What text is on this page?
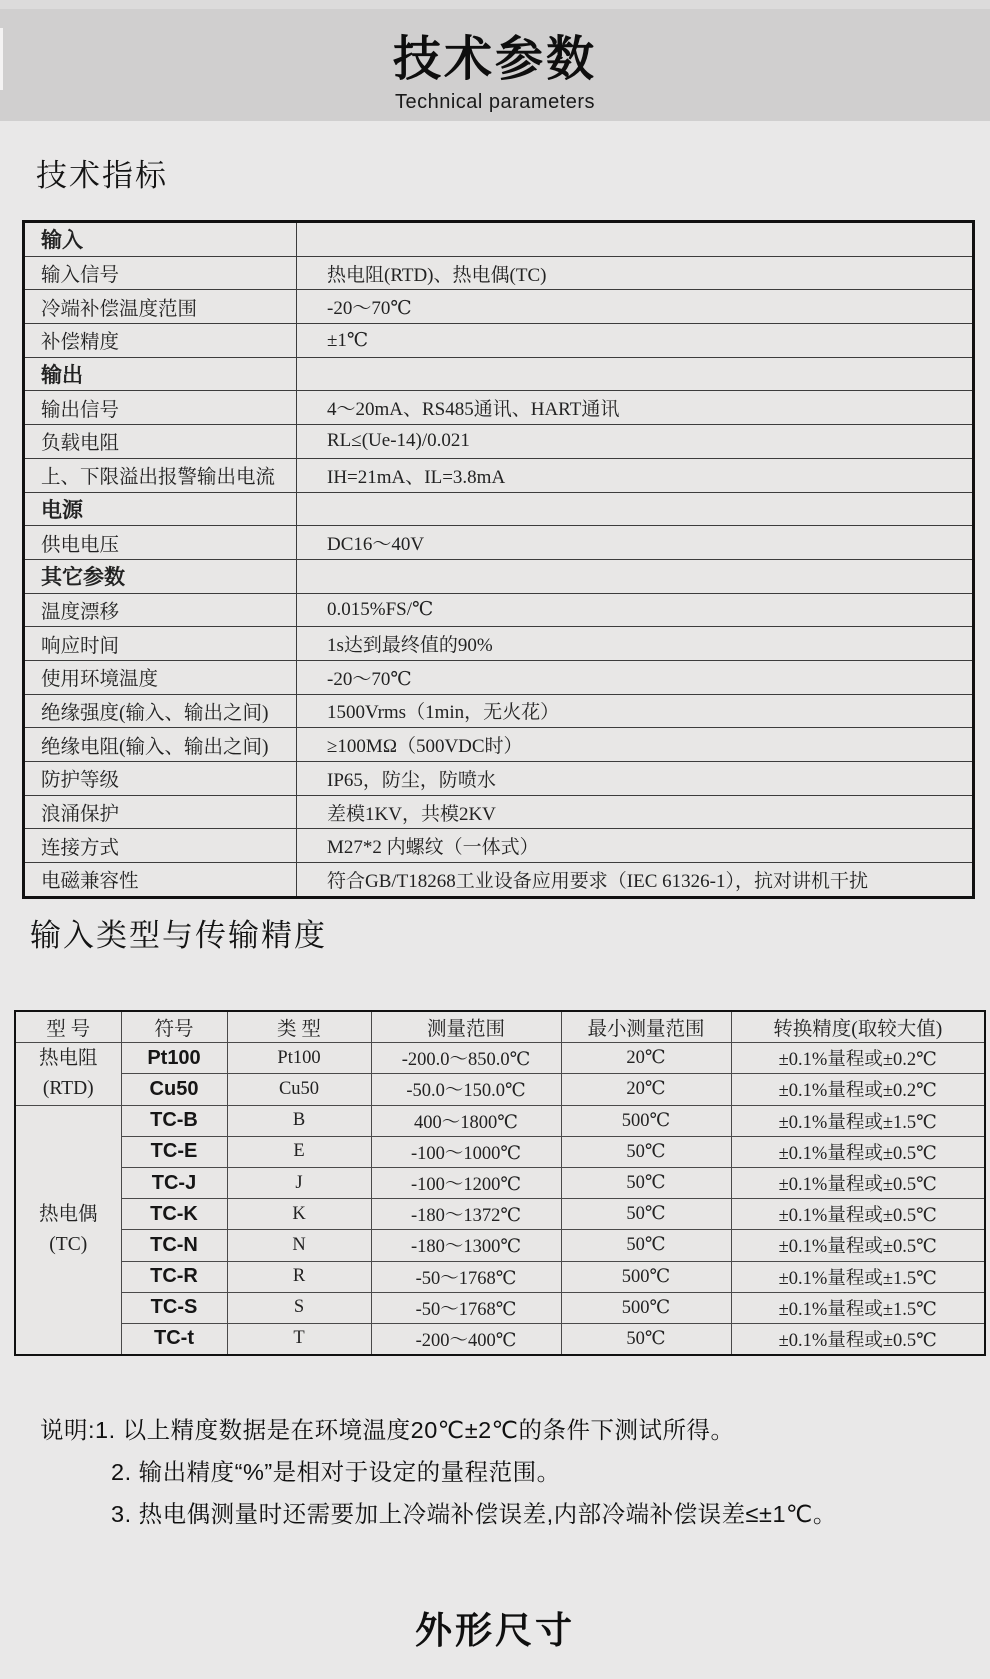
技术参数
Technical parameters
技术指标
输入	
输入信号	热电阻(RTD)、热电偶(TC)
冷端补偿温度范围	-20～70℃
补偿精度	±1℃
输出	
输出信号	4～20mA、RS485通讯、HART通讯
负载电阻	RL≤(Ue-14)/0.021
上、下限溢出报警输出电流	IH=21mA、IL=3.8mA
电源	
供电电压	DC16～40V
其它参数	
温度漂移	0.015%FS/℃
响应时间	1s达到最终值的90%
使用环境温度	-20～70℃
绝缘强度(输入、输出之间)	1500Vrms（1min，无火花）
绝缘电阻(输入、输出之间)	≥100MΩ（500VDC时）
防护等级	IP65，防尘，防喷水
浪涌保护	差模1KV，共模2KV
连接方式	M27*2 内螺纹（一体式）
电磁兼容性	符合GB/T18268工业设备应用要求（IEC 61326-1），抗对讲机干扰
输入类型与传输精度
型 号	符号	类 型	测量范围	最小测量范围	转换精度(取较大值)

热电阻
(RTD)	Pt100	Pt100	-200.0～850.0℃	20℃	±0.1%量程或±0.2℃
	Cu50	Cu50	-50.0～150.0℃	20℃	±0.1%量程或±0.2℃

热电偶
(TC)	TC-B	B	400～1800℃	500℃	±0.1%量程或±1.5℃
	TC-E	E	-100～1000℃	50℃	±0.1%量程或±0.5℃
	TC-J	J	-100～1200℃	50℃	±0.1%量程或±0.5℃
	TC-K	K	-180～1372℃	50℃	±0.1%量程或±0.5℃
	TC-N	N	-180～1300℃	50℃	±0.1%量程或±0.5℃
	TC-R	R	-50～1768℃	500℃	±0.1%量程或±1.5℃
	TC-S	S	-50～1768℃	500℃	±0.1%量程或±1.5℃
	TC-t	T	-200～400℃	50℃	±0.1%量程或±0.5℃
说明:1. 以上精度数据是在环境温度20℃±2℃的条件下测试所得。
2. 输出精度“%”是相对于设定的量程范围。
3. 热电偶测量时还需要加上冷端补偿误差,内部冷端补偿误差≤±1℃。
外形尺寸
